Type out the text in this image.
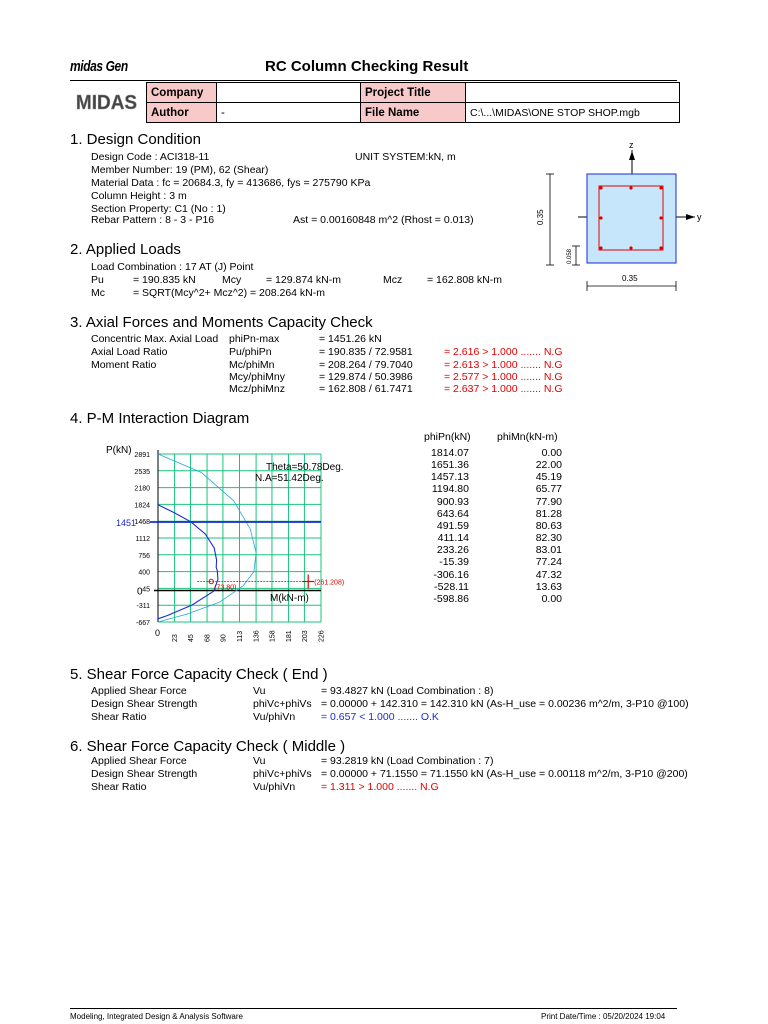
midas Gen	RC Column Checking Result
MIDAS	Company		Project Title	
	Author	-	File Name	C:\...\MIDAS\ONE STOP SHOP.mgb
1. Design Condition
Design Code : ACI318-11	UNIT SYSTEM:kN, m
Member Number: 19 (PM), 62 (Shear)
Material Data : fc = 20684.3, fy = 413686, fys = 275790 KPa
Column Height : 3 m
Section Property: C1 (No : 1)
Rebar Pattern : 8 - 3 - P16	Ast = 0.00160848 m^2 (Rhost = 0.013)
z
y
0.35
0.058
0.35
2. Applied Loads
Load Combination : 17 AT (J) Point
Pu	= 190.835 kN Mcy = 129.874 kN-m	Mcz = 162.808 kN-m
Mc	= SQRT(Mcy^2+ Mcz^2) = 208.264 kN-m
3. Axial Forces and Moments Capacity Check
Concentric Max. Axial Load phiPn-max	= 1451.26 kN
Axial Load Ratio	Pu/phiPn	= 190.835 / 72.9581	= 2.616 > 1.000 ....... N.G
Moment Ratio	Mc/phiMn	= 208.264 / 79.7040	= 2.613 > 1.000 ....... N.G
Mcy/phiMny	= 129.874 / 50.3986	= 2.577 > 1.000 ....... N.G
Mcz/phiMnz	= 162.808 / 61.7471	= 2.637 > 1.000 ....... N.G
4. P-M Interaction Diagram
0
23 45 68 90 113 136 158 181 203 226
2891
2535
2180
1824
1468
1112
756
400
45
-311
-667
P(kN)
M(kN-m)
Theta=50.78Deg.
N.A=51.42Deg.
1451
0	(73.80)
(261.208)
phiPn(kN)	phiMn(kN-m)
1814.07	0.00
1651.36	22.00
1457.13	45.19
1194.80	65.77
900.93	77.90
643.64	81.28
491.59	80.63
411.14	82.30
233.26	83.01
-15.39	77.24
-306.16	47.32
-528.11	13.63
-598.86	0.00
5. Shear Force Capacity Check ( End )
Applied Shear Force	Vu	= 93.4827 kN (Load Combination : 8)
Design Shear Strength	phiVc+phiVs = 0.00000 + 142.310 = 142.310 kN (As-H_use = 0.00236 m^2/m, 3-P10 @100)
Shear Ratio	Vu/phiVn = 0.657 < 1.000 ....... O.K
6. Shear Force Capacity Check ( Middle )
Applied Shear Force	Vu	= 93.2819 kN (Load Combination : 7)
Design Shear Strength	phiVc+phiVs = 0.00000 + 71.1550 = 71.1550 kN (As-H_use = 0.00118 m^2/m, 3-P10 @200)
Shear Ratio	Vu/phiVn = 1.311 > 1.000 ....... N.G
Modeling, Integrated Design & Analysis Software	Print Date/Time : 05/20/2024 19:04
